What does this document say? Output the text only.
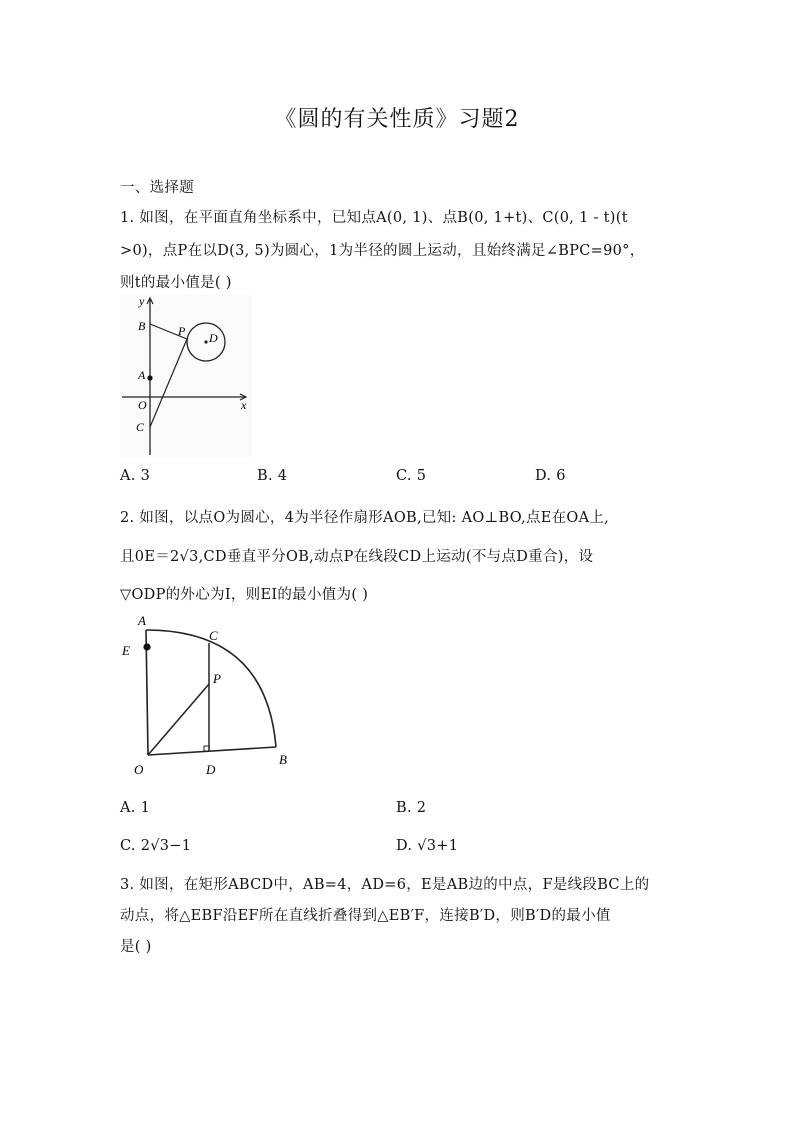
《圆的有关性质》习题2
一、选择题
1. 如图，在平面直角坐标系中，已知点A(0, 1)、点B(0, 1+t)、C(0, 1 - t)(t
>0)，点P在以D(3, 5)为圆心，1为半径的圆上运动，且始终满足∠BPC=90°，
则t的最小值是( )
y
x
B	P D
A
O
C
A. 3	B. 4	C. 5	D. 6
2. 如图，以点O为圆心，4为半径作扇形AOB,已知: AO⊥BO,点E在OA上,
且0E＝2√3,CD垂直平分OB,动点P在线段CD上运动(不与点D重合)，设
▽ODP的外心为I，则EI的最小值为( )
A
C
E
P
O	D
B
A. 1	B. 2
C. 2√3−1	D. √3+1
3. 如图，在矩形ABCD中，AB=4，AD=6，E是AB边的中点，F是线段BC上的
动点，将△EBF沿EF所在直线折叠得到△EB′F，连接B′D，则B′D的最小值
是( )
